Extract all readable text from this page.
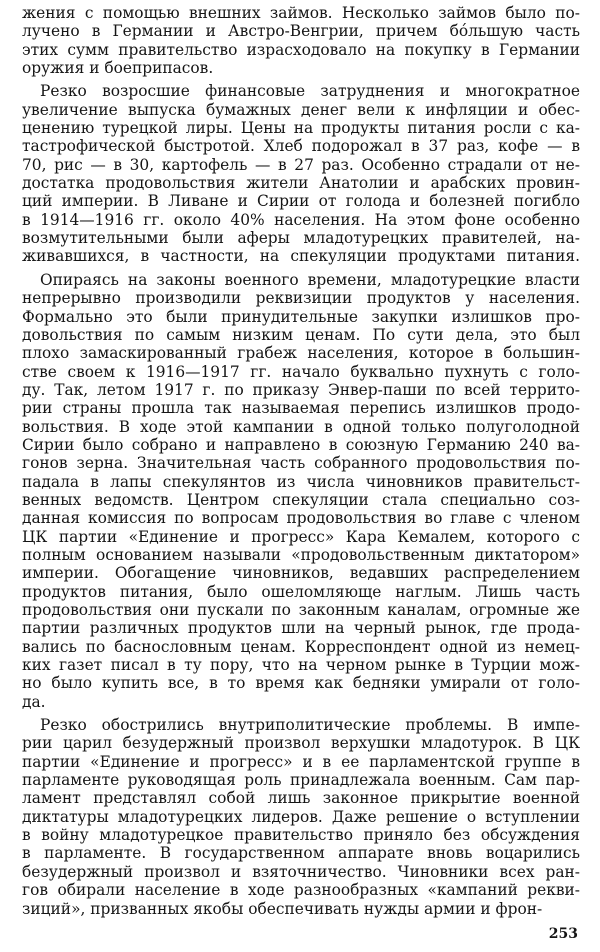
жения с помощью внешних займов. Несколько займов было по-
лучено в Германии и Австро-Венгрии, причем бóльшую часть
этих сумм правительство израсходовало на покупку в Германии
оружия и боеприпасов.
Резко возросшие финансовые затруднения и многократное
увеличение выпуска бумажных денег вели к инфляции и обес-
ценению турецкой лиры. Цены на продукты питания росли с ка-
тастрофической быстротой. Хлеб подорожал в 37 раз, кофе — в
70, рис — в 30, картофель — в 27 раз. Особенно страдали от не-
достатка продовольствия жители Анатолии и арабских провин-
ций империи. В Ливане и Сирии от голода и болезней погибло
в 1914—1916 гг. около 40% населения. На этом фоне особенно
возмутительными были аферы младотурецких правителей, на-
живавшихся, в частности, на спекуляции продуктами питания.
Опираясь на законы военного времени, младотурецкие власти
непрерывно производили реквизиции продуктов у населения.
Формально это были принудительные закупки излишков про-
довольствия по самым низким ценам. По сути дела, это был
плохо замаскированный грабеж населения, которое в большин-
стве своем к 1916—1917 гг. начало буквально пухнуть с голо-
ду. Так, летом 1917 г. по приказу Энвер-паши по всей террито-
рии страны прошла так называемая перепись излишков продо-
вольствия. В ходе этой кампании в одной только полуголодной
Сирии было собрано и направлено в союзную Германию 240 ва-
гонов зерна. Значительная часть собранного продовольствия по-
падала в лапы спекулянтов из числа чиновников правительст-
венных ведомств. Центром спекуляции стала специально соз-
данная комиссия по вопросам продовольствия во главе с членом
ЦК партии «Единение и прогресс» Кара Кемалем, которого с
полным основанием называли «продовольственным диктатором»
империи. Обогащение чиновников, ведавших распределением
продуктов питания, было ошеломляюще наглым. Лишь часть
продовольствия они пускали по законным каналам, огромные же
партии различных продуктов шли на черный рынок, где прода-
вались по баснословным ценам. Корреспондент одной из немец-
ких газет писал в ту пору, что на черном рынке в Турции мож-
но было купить все, в то время как бедняки умирали от голо-
да.
Резко обострились внутриполитические проблемы. В импе-
рии царил безудержный произвол верхушки младотурок. В ЦК
партии «Единение и прогресс» и в ее парламентской группе в
парламенте руководящая роль принадлежала военным. Сам пар-
ламент представлял собой лишь законное прикрытие военной
диктатуры младотурецких лидеров. Даже решение о вступлении
в войну младотурецкое правительство приняло без обсуждения
в парламенте. В государственном аппарате вновь воцарились
безудержный произвол и взяточничество. Чиновники всех ран-
гов обирали население в ходе разнообразных «кампаний рекви-
зиций», призванных якобы обеспечивать нужды армии и фрон-
253
